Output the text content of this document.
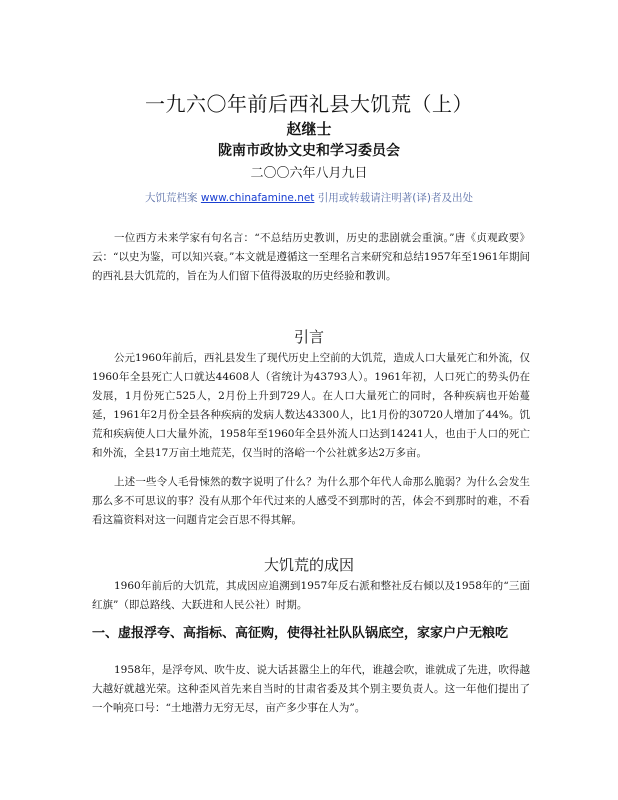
一九六〇年前后西礼县大饥荒（上）
赵继士
陇南市政协文史和学习委员会
二〇〇六年八月九日
大饥荒档案 www.chinafamine.net 引用或转载请注明著(译)者及出处

一位西方未来学家有句名言：“不总结历史教训，历史的悲剧就会重演。”唐《贞观政要》云：“以史为鉴，可以知兴衰。”本文就是遵循这一至理名言来研究和总结1957年至1961年期间的西礼县大饥荒的，旨在为人们留下值得汲取的历史经验和教训。

引言

公元1960年前后，西礼县发生了现代历史上空前的大饥荒，造成人口大量死亡和外流，仅1960年全县死亡人口就达44608人（省统计为43793人）。1961年初，人口死亡的势头仍在发展，1月份死亡525人，2月份上升到729人。在人口大量死亡的同时，各种疾病也开始蔓延，1961年2月份全县各种疾病的发病人数达43300人，比1月份的30720人增加了44%。饥荒和疾病使人口大量外流，1958年至1960年全县外流人口达到14241人，也由于人口的死亡和外流，全县17万亩土地荒芜，仅当时的洛峪一个公社就多达2万多亩。

上述一些令人毛骨悚然的数字说明了什么？为什么那个年代人命那么脆弱？为什么会发生那么多不可思议的事？没有从那个年代过来的人感受不到那时的苦，体会不到那时的难，不看看这篇资料对这一问题肯定会百思不得其解。

大饥荒的成因

1960年前后的大饥荒，其成因应追溯到1957年反右派和整社反右倾以及1958年的“三面红旗”（即总路线、大跃进和人民公社）时期。

一、虚报浮夸、高指标、高征购，使得社社队队锅底空，家家户户无粮吃

1958年，是浮夸风、吹牛皮、说大话甚嚣尘上的年代，谁越会吹，谁就成了先进，吹得越大越好就越光荣。这种歪风首先来自当时的甘肃省委及其个别主要负责人。这一年他们提出了一个响亮口号：“土地潜力无穷无尽，亩产多少事在人为”。
